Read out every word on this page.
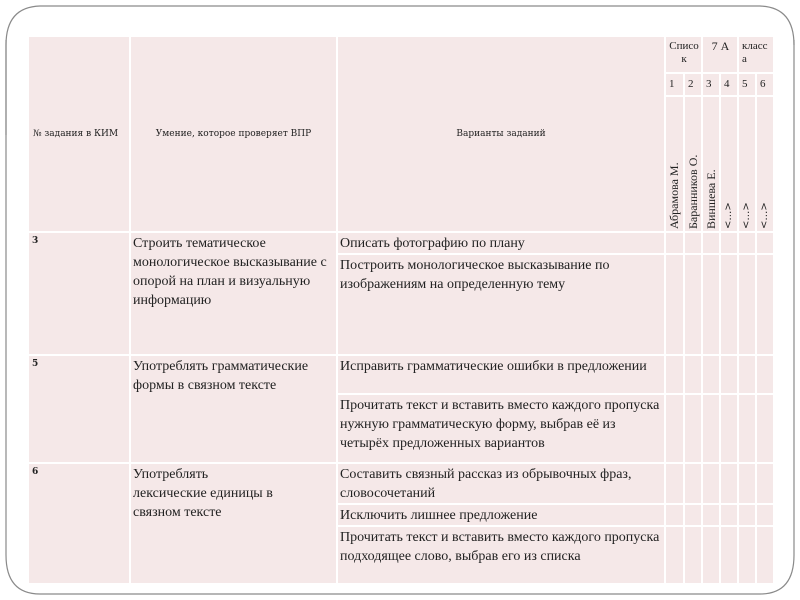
№ задания в КИМ	Умение, которое проверяет ВПР	Варианты заданий	Списо к		7 А		класс а	
			1	2	3	4	5	6

			Абрамова М.	Баранников О.	Виншева Е.	<…>	<…>	<…>

3	Строить тематическое монологическое высказывание с опорой на план и визуальную информацию	Описать фотографию по плану						
		Построить монологическое высказывание по изображениям на определенную тему						
5	Употреблять грамматические формы в связном тексте	Исправить грамматические ошибки в предложении						
		Прочитать текст и вставить вместо каждого пропуска нужную грамматическую форму, выбрав её из четырёх предложенных вариантов						
6	Употреблять лексические единицы в связном тексте	Составить связный рассказ из обрывочных фраз, словосочетаний						
		Исключить лишнее предложение						
		Прочитать текст и вставить вместо каждого пропуска подходящее слово, выбрав его из списка						
